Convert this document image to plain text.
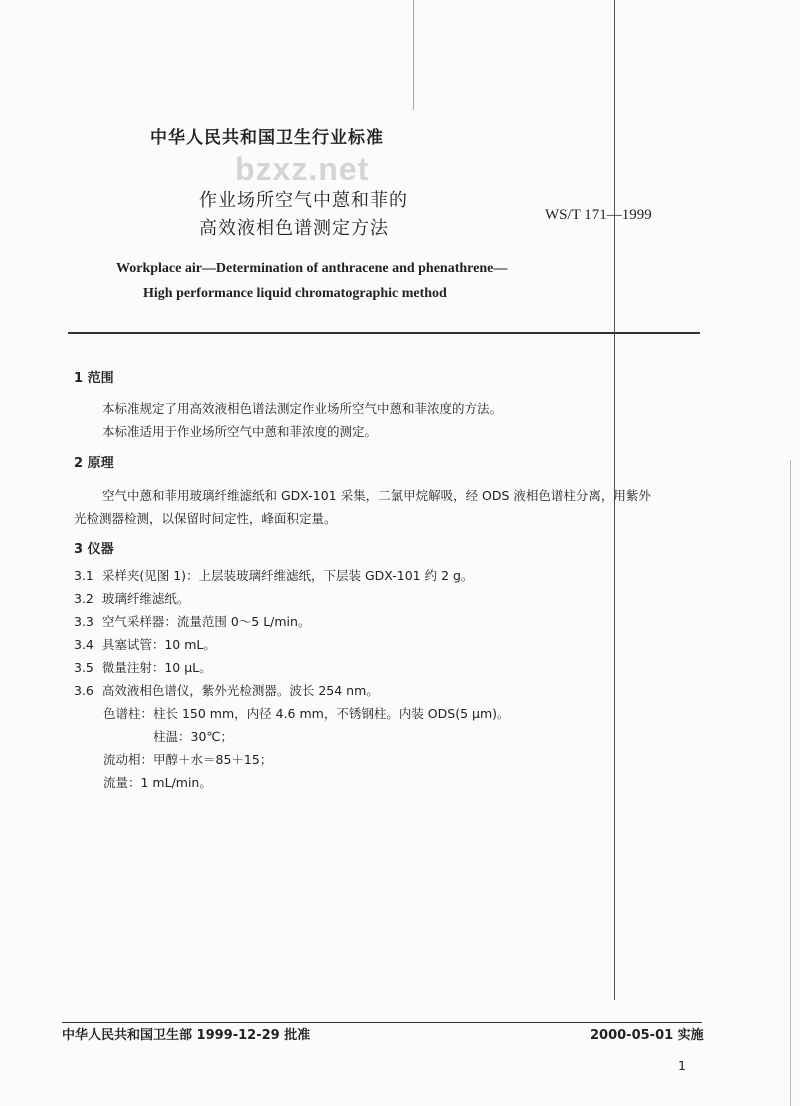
中华人民共和国卫生行业标准
bzxz.net
作业场所空气中蒽和菲的
高效液相色谱测定方法
WS/T 171—1999
Workplace air—Determination of anthracene and phenathrene—
High performance liquid chromatographic method
1 范围
本标准规定了用高效液相色谱法测定作业场所空气中蒽和菲浓度的方法。
本标准适用于作业场所空气中蒽和菲浓度的测定。
2 原理
空气中蒽和菲用玻璃纤维滤纸和 GDX-101 采集，二氯甲烷解吸，经 ODS 液相色谱柱分离，用紫外
光检测器检测，以保留时间定性，峰面积定量。
3 仪器
3.1 采样夹(见图 1)：上层装玻璃纤维滤纸，下层装 GDX-101 约 2 g。
3.2 玻璃纤维滤纸。
3.3 空气采样器：流量范围 0～5 L/min。
3.4 具塞试管：10 mL。
3.5 微量注射：10 μL。
3.6 高效液相色谱仪，紫外光检测器。波长 254 nm。
色谱柱：柱长 150 mm，内径 4.6 mm，不锈钢柱。内装 ODS(5 μm)。
柱温：30℃；
流动相：甲醇＋水＝85＋15；
流量：1 mL/min。
中华人民共和国卫生部 1999-12-29 批准	2000-05-01 实施
1
